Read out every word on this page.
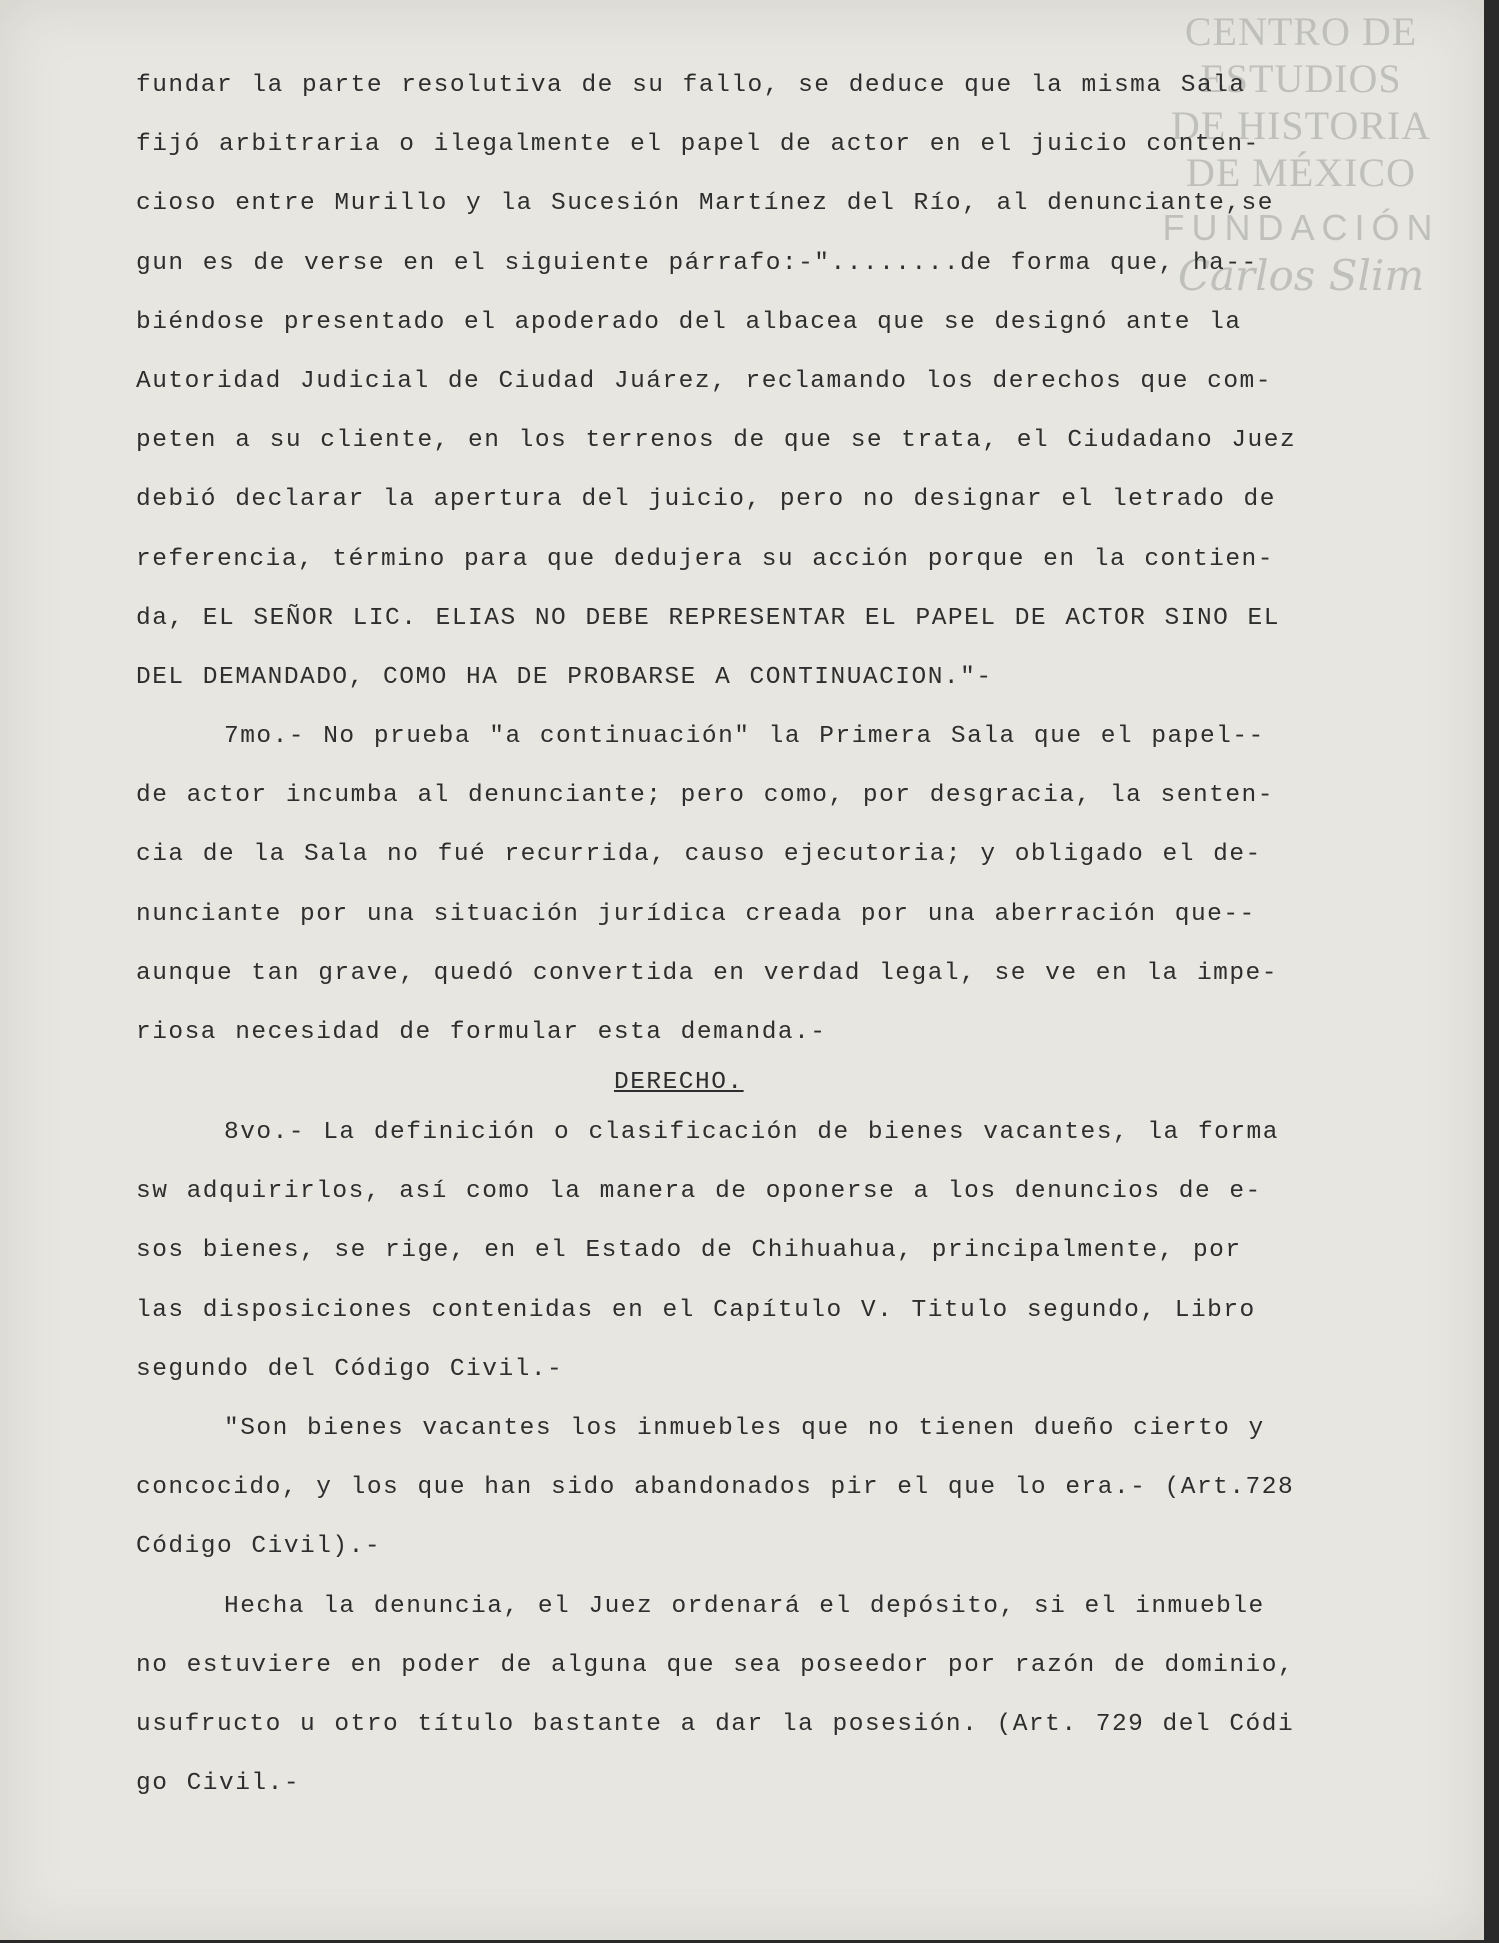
CENTRO DE
ESTUDIOS
DE HISTORIA
DE MÉXICO
FUNDACIÓN
Carlos Slim
fundar la parte resolutiva de su fallo, se deduce que la misma Sala
fijó arbitraria o ilegalmente el papel de actor en el juicio conten-
cioso entre Murillo y la Sucesión Martínez del Río, al denunciante,se
gun es de verse en el siguiente párrafo:-"........de forma que, ha--
biéndose presentado el apoderado del albacea que se designó ante la
Autoridad Judicial de Ciudad Juárez, reclamando los derechos que com-
peten a su cliente, en los terrenos de que se trata, el Ciudadano Juez
debió declarar la apertura del juicio, pero no designar el letrado de
referencia, término para que dedujera su acción porque en la contien-
da, EL SEÑOR LIC. ELIAS NO DEBE REPRESENTAR EL PAPEL DE ACTOR SINO EL
DEL DEMANDADO, COMO HA DE PROBARSE A CONTINUACION."-
7mo.- No prueba "a continuación" la Primera Sala que el papel--
de actor incumba al denunciante; pero como, por desgracia, la senten-
cia de la Sala no fué recurrida, causo ejecutoria; y obligado el de-
nunciante por una situación jurídica creada por una aberración que--
aunque tan grave, quedó convertida en verdad legal, se ve en la impe-
riosa necesidad de formular esta demanda.-
DERECHO.
8vo.- La definición o clasificación de bienes vacantes, la forma
sw adquirirlos, así como la manera de oponerse a los denuncios de e-
sos bienes, se rige, en el Estado de Chihuahua, principalmente, por
las disposiciones contenidas en el Capítulo V. Titulo segundo, Libro
segundo del Código Civil.-
"Son bienes vacantes los inmuebles que no tienen dueño cierto y
concocido, y los que han sido abandonados pir el que lo era.- (Art.728
Código Civil).-
Hecha la denuncia, el Juez ordenará el depósito, si el inmueble
no estuviere en poder de alguna que sea poseedor por razón de dominio,
usufructo u otro título bastante a dar la posesión. (Art. 729 del Códi
go Civil.-
